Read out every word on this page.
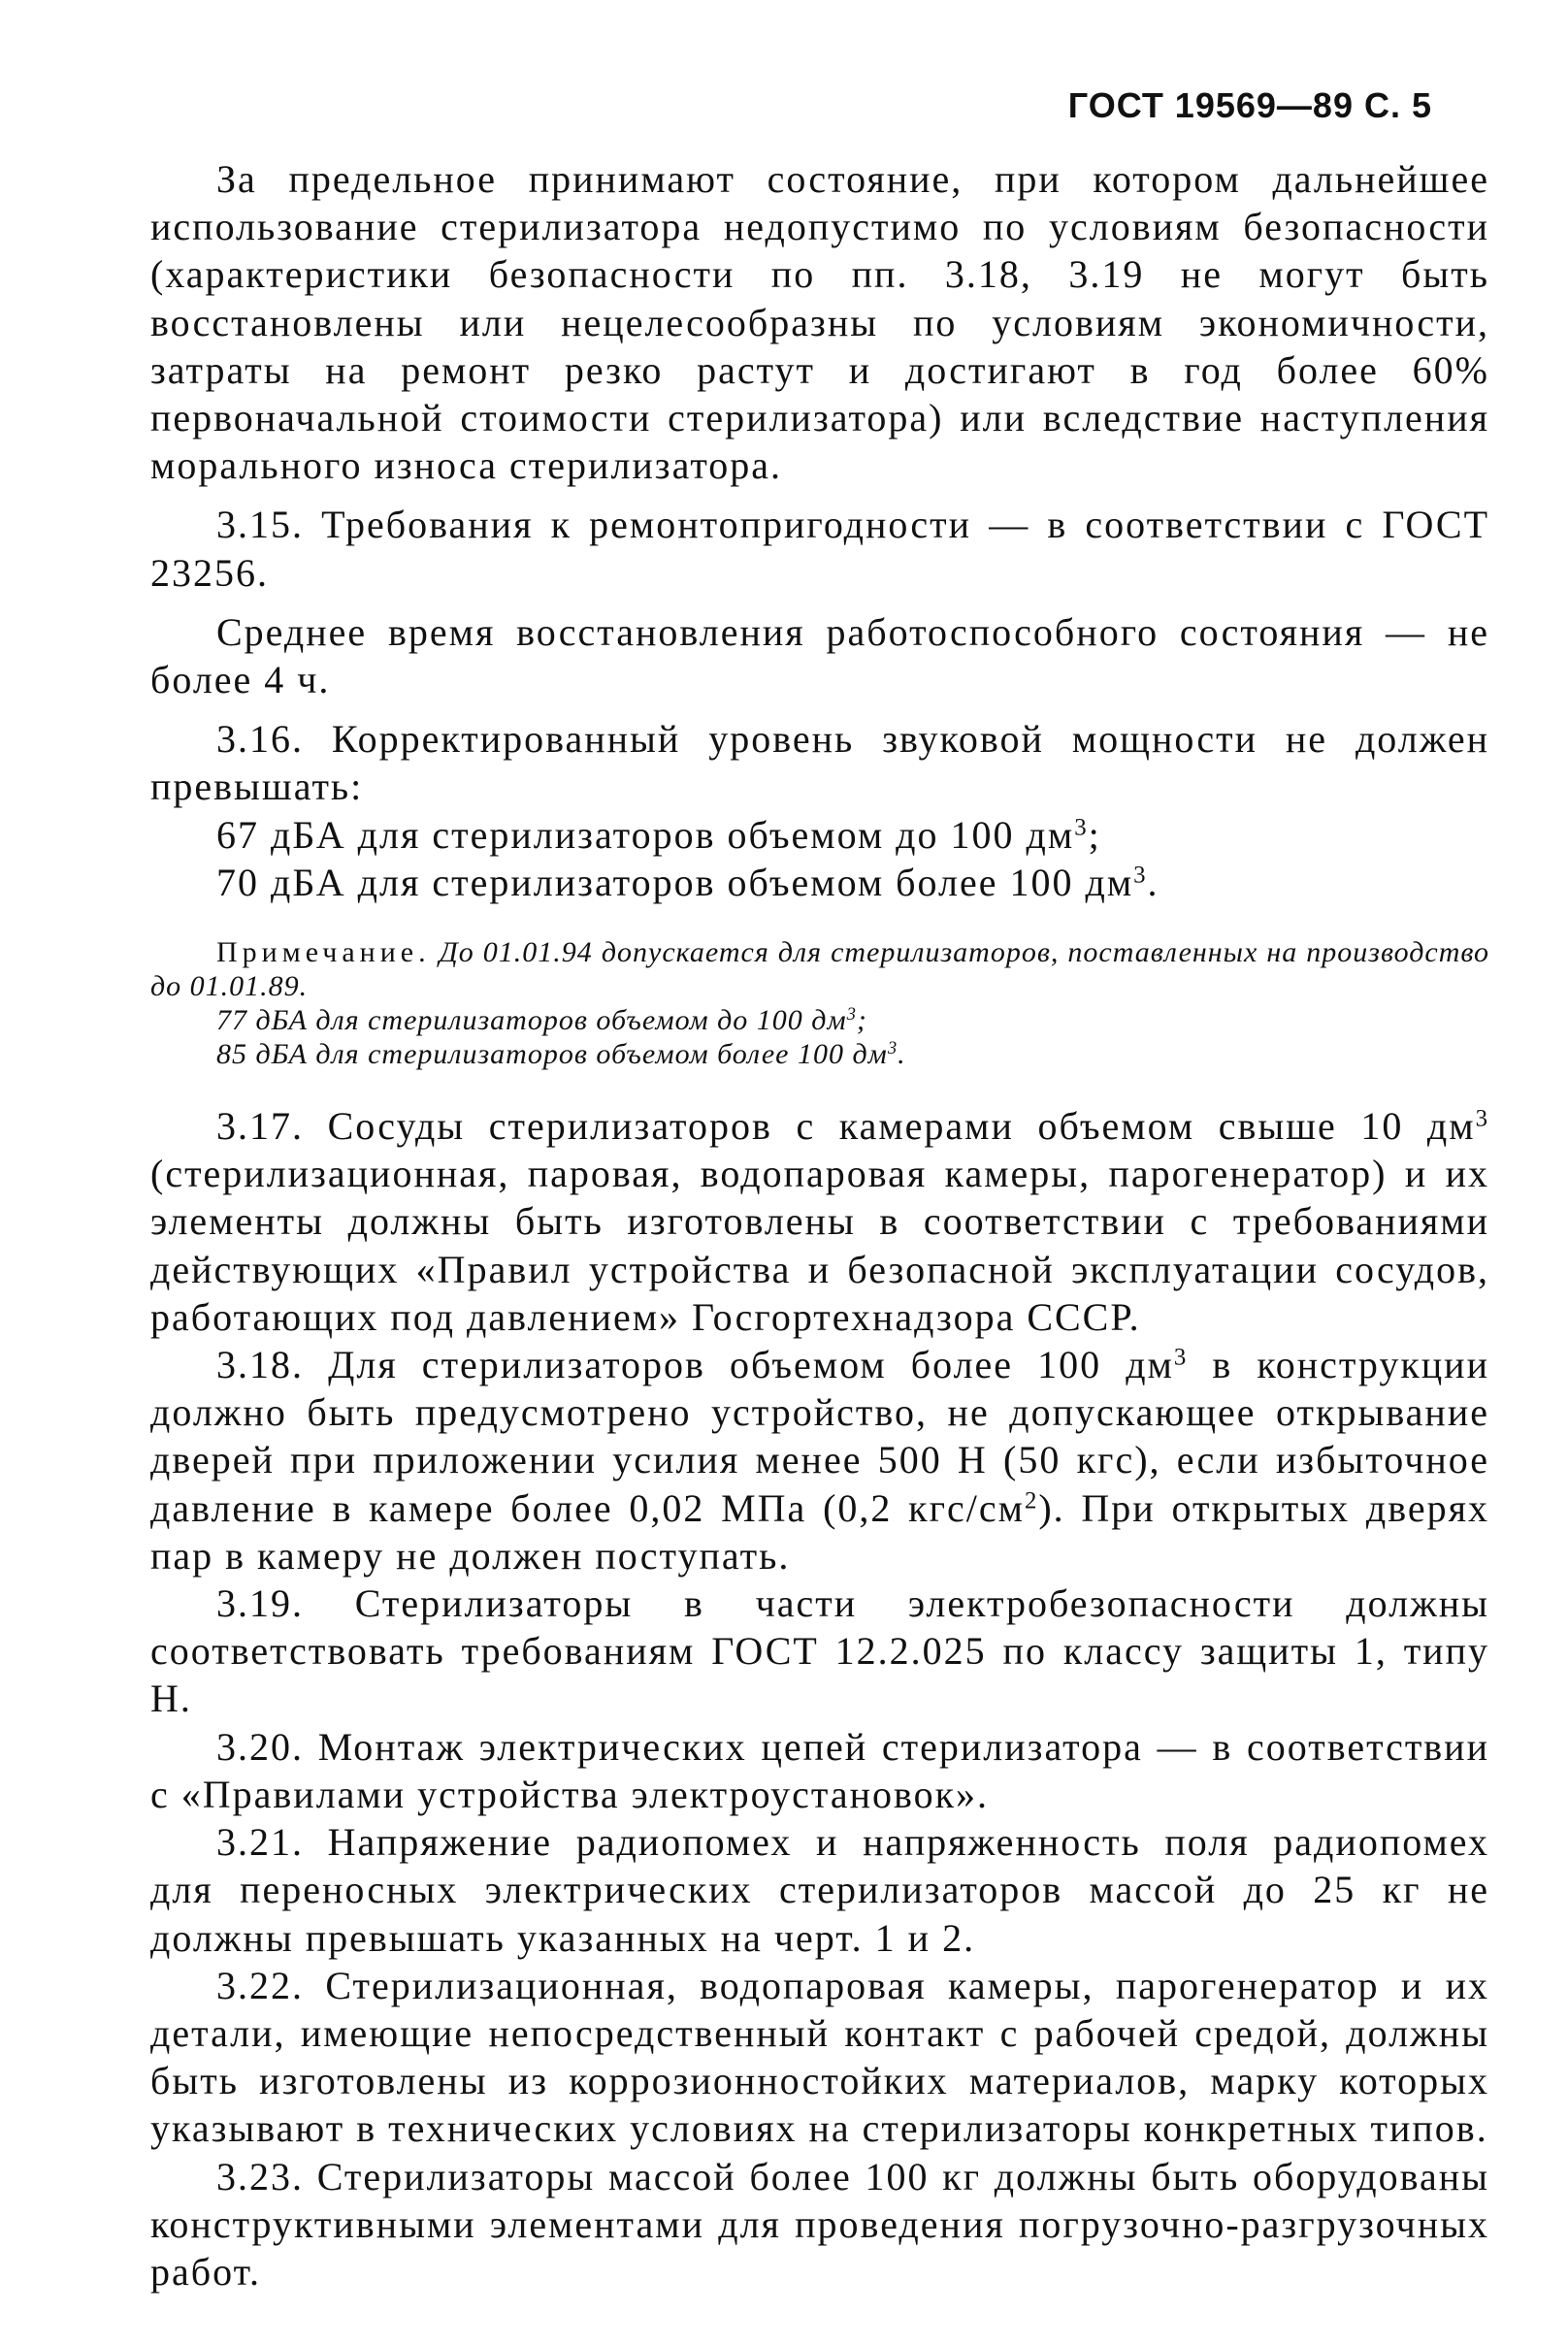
ГОСТ 19569—89 С. 5

За предельное принимают состояние, при котором дальнейшее использование стерилизатора недопустимо по условиям безопасности (характеристики безопасности по пп. 3.18, 3.19 не могут быть восстановлены или нецелесообразны по условиям экономичности, затраты на ремонт резко растут и достигают в год более 60% первоначальной стоимости стерилизатора) или вследствие наступления морального износа стерилизатора.

3.15. Требования к ремонтопригодности — в соответствии с ГОСТ 23256.

Среднее время восстановления работоспособного состояния — не более 4 ч.

3.16. Корректированный уровень звуковой мощности не должен превышать:

67 дБА для стерилизаторов объемом до 100 $дм^3$;

70 дБА для стерилизаторов объемом более 100 $дм^3$.

Примечание. До 01.01.94 допускается для стерилизаторов, поставленных на производство до 01.01.89.

77 дБА для стерилизаторов объемом до 100 $дм^3$;

85 дБА для стерилизаторов объемом более 100 $дм^3$.

3.17. Сосуды стерилизаторов с камерами объемом свыше 10 $дм^3$ (стерилизационная, паровая, водопаровая камеры, парогенератор) и их элементы должны быть изготовлены в соответствии с требованиями действующих «Правил устройства и безопасной эксплуатации сосудов, работающих под давлением» Госгортехнадзора СССР.

3.18. Для стерилизаторов объемом более 100 $дм^3$ в конструкции должно быть предусмотрено устройство, не допускающее открывание дверей при приложении усилия менее 500 Н (50 кгс), если избыточное давление в камере более 0,02 МПа (0,2 кгс/$см^2$). При открытых дверях пар в камеру не должен поступать.

3.19. Стерилизаторы в части электробезопасности должны соответствовать требованиям ГОСТ 12.2.025 по классу защиты 1, типу Н.

3.20. Монтаж электрических цепей стерилизатора — в соответствии с «Правилами устройства электроустановок».

3.21. Напряжение радиопомех и напряженность поля радиопомех для переносных электрических стерилизаторов массой до 25 кг не должны превышать указанных на черт. 1 и 2.

3.22. Стерилизационная, водопаровая камеры, парогенератор и их детали, имеющие непосредственный контакт с рабочей средой, должны быть изготовлены из коррозионностойких материалов, марку которых указывают в технических условиях на стерилизаторы конкретных типов.

3.23. Стерилизаторы массой более 100 кг должны быть оборудованы конструктивными элементами для проведения погрузочно-разгрузочных работ.
